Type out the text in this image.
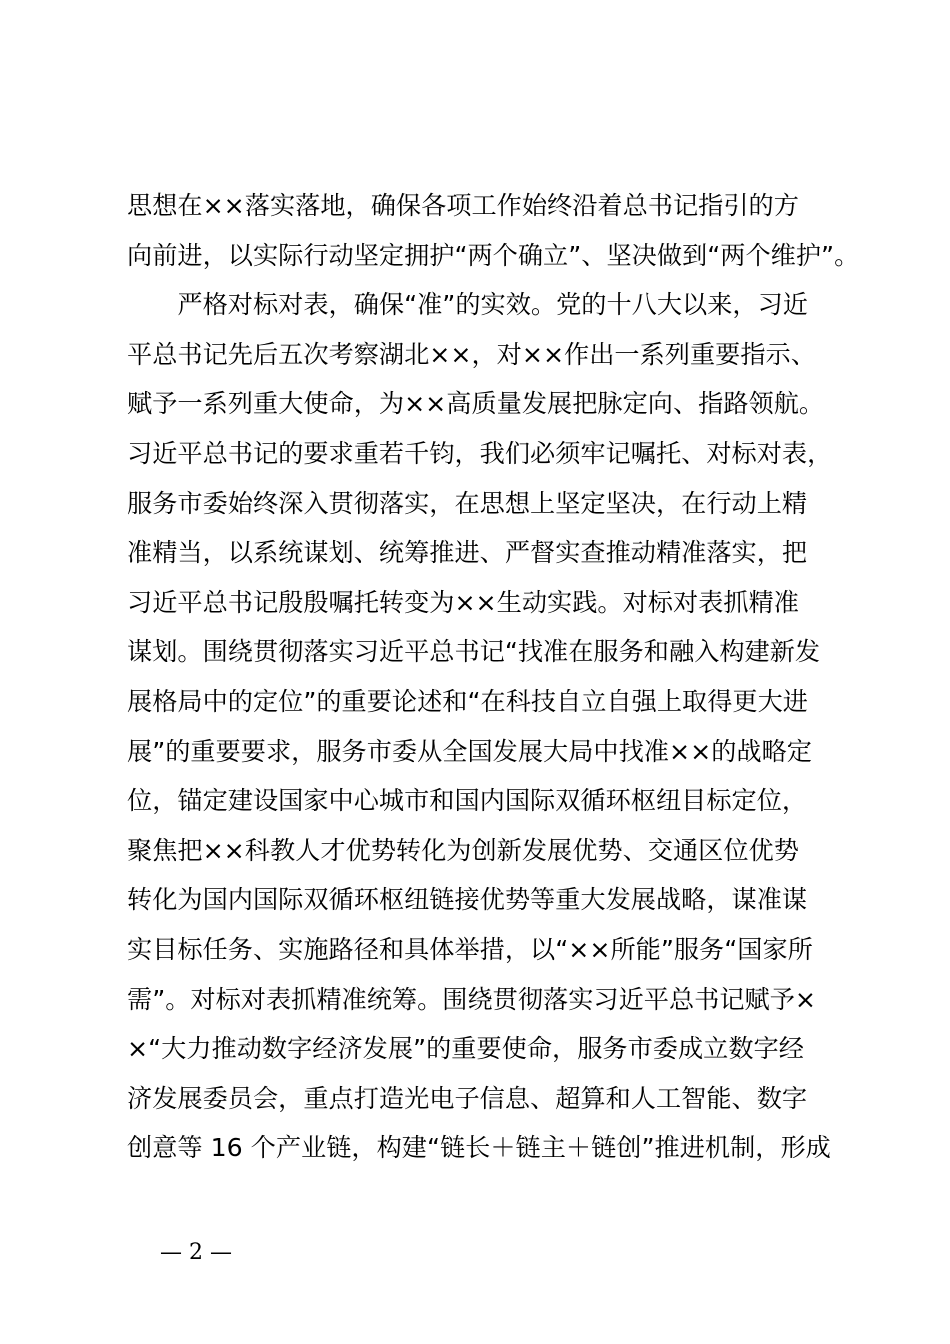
思想在××落实落地，确保各项工作始终沿着总书记指引的方
向前进，以实际行动坚定拥护“两个确立”、坚决做到“两个维护”。
　　严格对标对表，确保“准”的实效。党的十八大以来，习近
平总书记先后五次考察湖北××，对××作出一系列重要指示、
赋予一系列重大使命，为××高质量发展把脉定向、指路领航。
习近平总书记的要求重若千钧，我们必须牢记嘱托、对标对表，
服务市委始终深入贯彻落实，在思想上坚定坚决，在行动上精
准精当，以系统谋划、统筹推进、严督实查推动精准落实，把
习近平总书记殷殷嘱托转变为××生动实践。对标对表抓精准
谋划。围绕贯彻落实习近平总书记“找准在服务和融入构建新发
展格局中的定位”的重要论述和“在科技自立自强上取得更大进
展”的重要要求，服务市委从全国发展大局中找准××的战略定
位，锚定建设国家中心城市和国内国际双循环枢纽目标定位，
聚焦把××科教人才优势转化为创新发展优势、交通区位优势
转化为国内国际双循环枢纽链接优势等重大发展战略，谋准谋
实目标任务、实施路径和具体举措，以“××所能”服务“国家所
需”。对标对表抓精准统筹。围绕贯彻落实习近平总书记赋予×
×“大力推动数字经济发展”的重要使命，服务市委成立数字经
济发展委员会，重点打造光电子信息、超算和人工智能、数字
创意等 16 个产业链，构建“链长＋链主＋链创”推进机制，形成
— 2 —
